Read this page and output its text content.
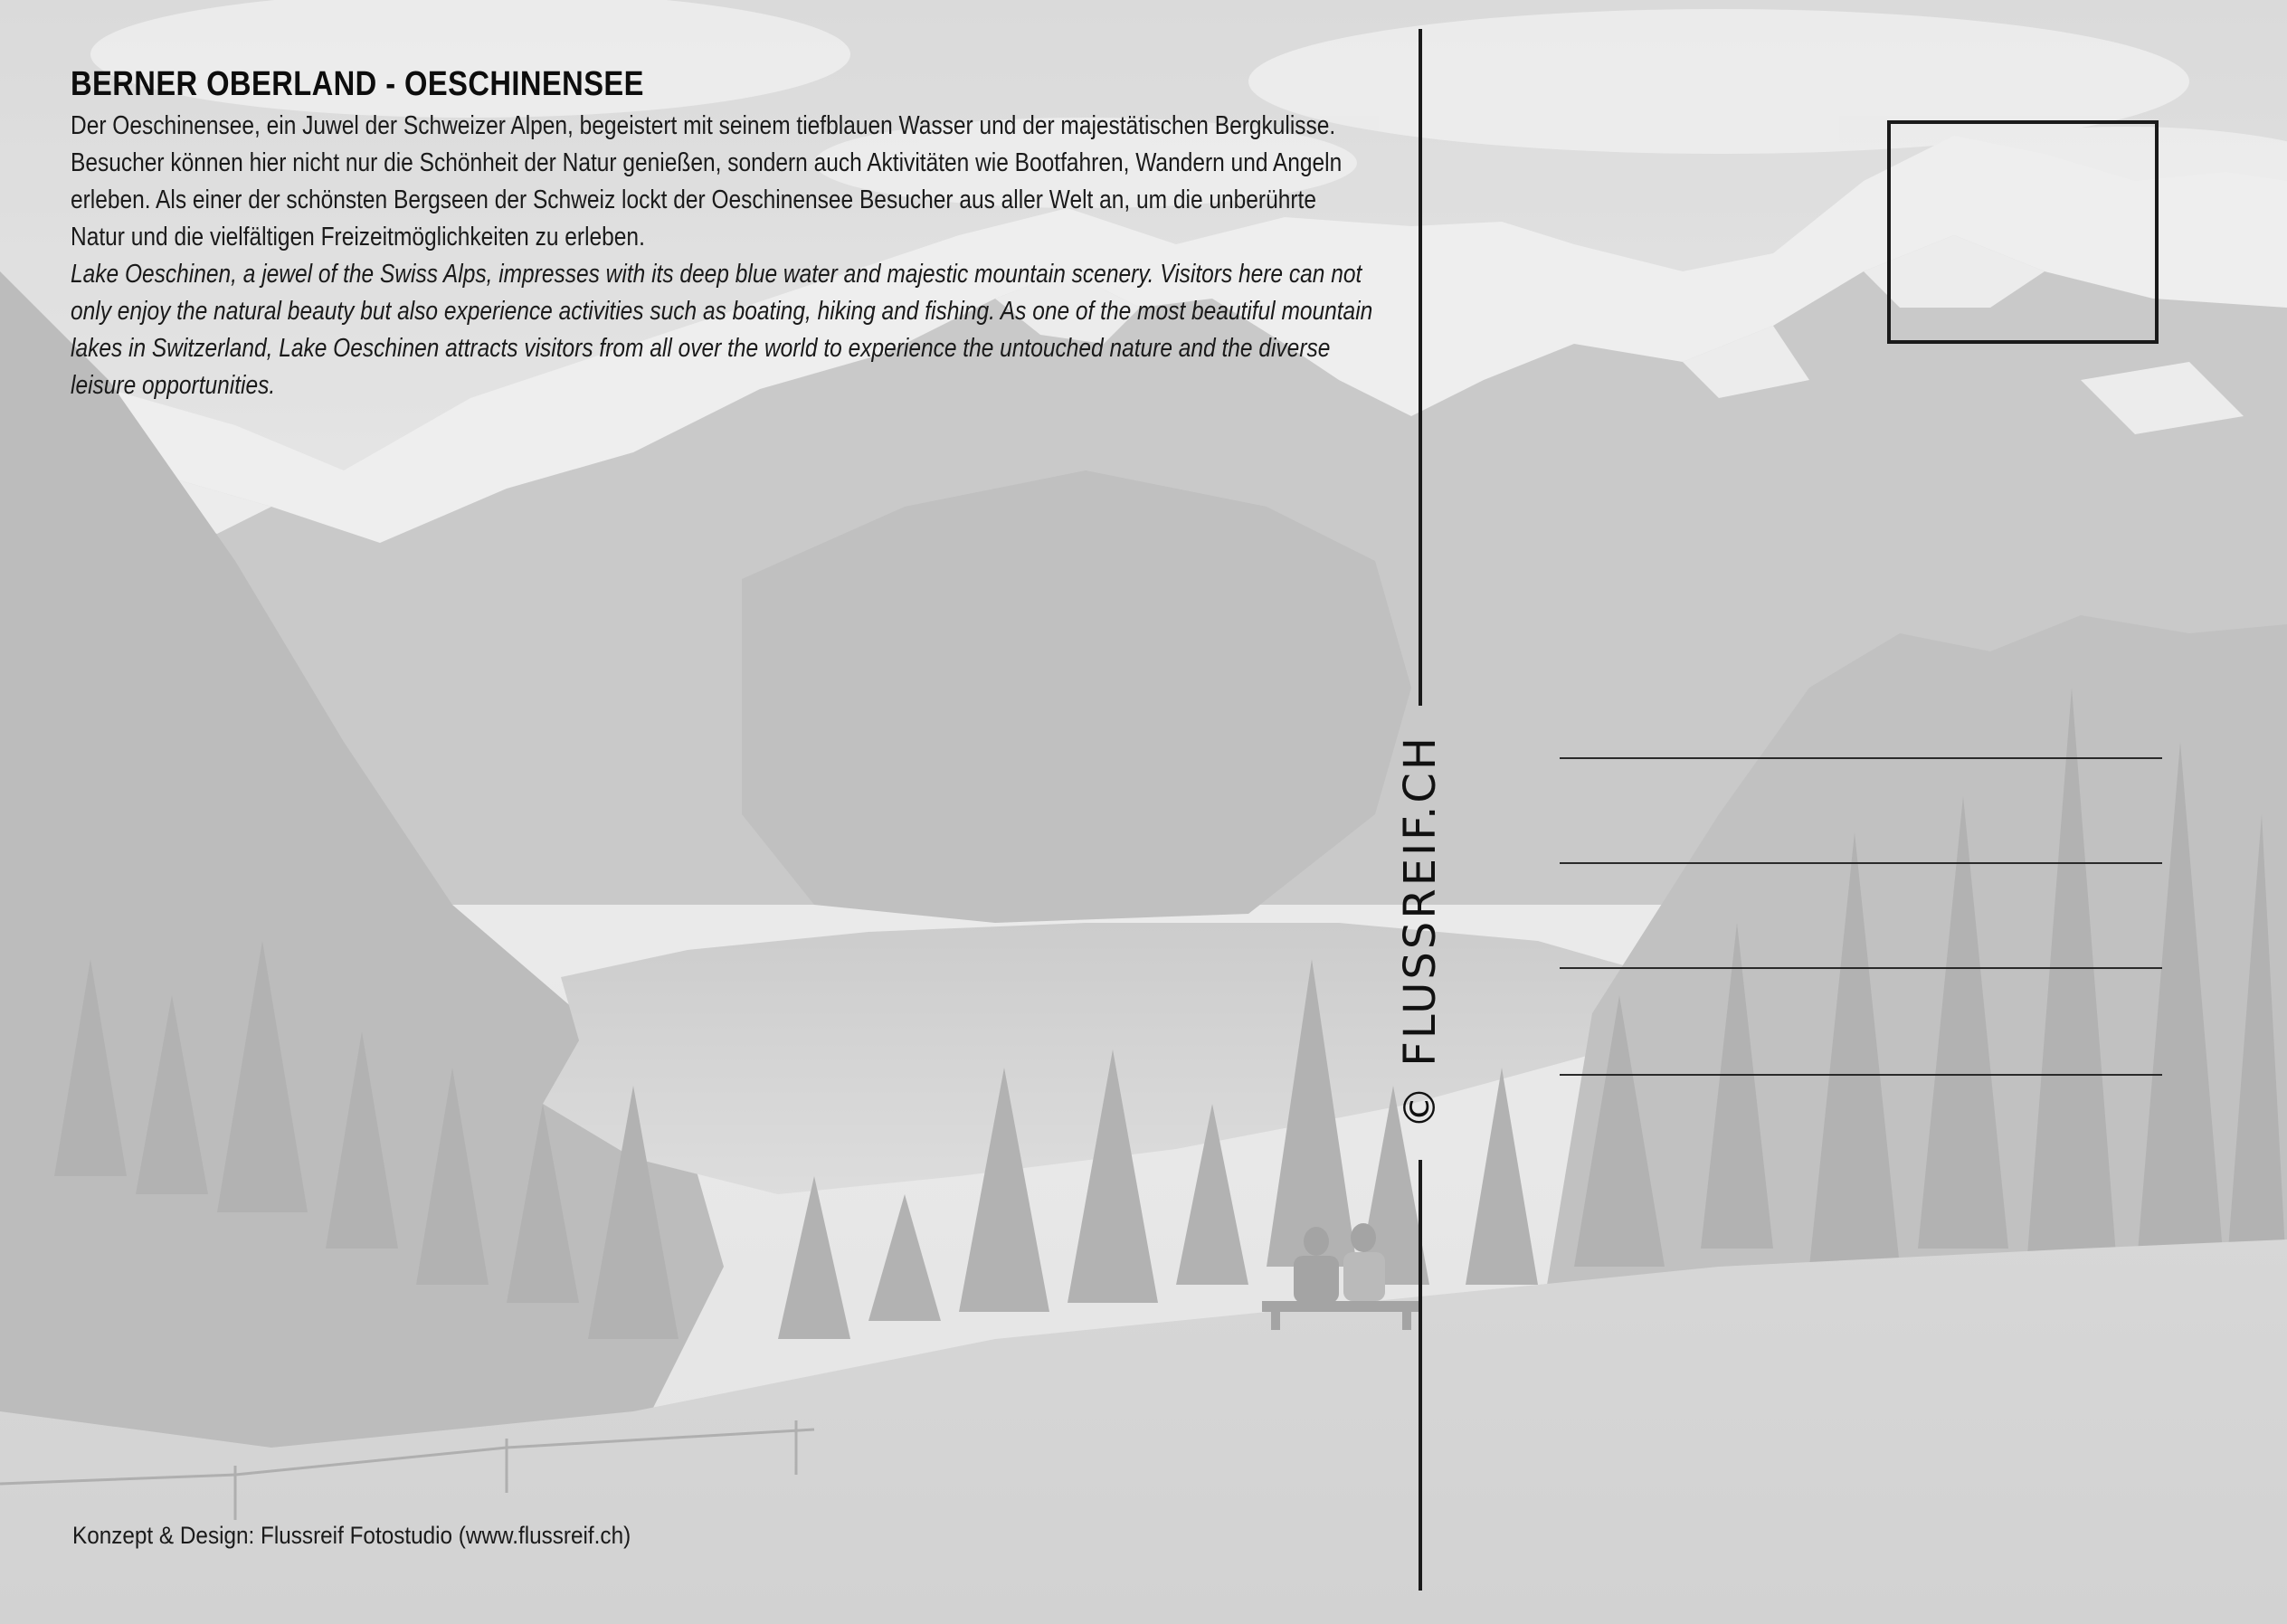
BERNER OBERLAND - OESCHINENSEE

Der Oeschinensee, ein Juwel der Schweizer Alpen, begeistert mit seinem tiefblauen Wasser und der majestätischen Bergkulisse. Besucher können hier nicht nur die Schönheit der Natur genießen, sondern auch Aktivitäten wie Bootfahren, Wandern und Angeln erleben. Als einer der schönsten Bergseen der Schweiz lockt der Oeschinensee Besucher aus aller Welt an, um die unberührte Natur und die vielfältigen Freizeitmöglichkeiten zu erleben.

Lake Oeschinen, a jewel of the Swiss Alps, impresses with its deep blue water and majestic mountain scenery. Visitors here can not only enjoy the natural beauty but also experience activities such as boating, hiking and fishing. As one of the most beautiful mountain lakes in Switzerland, Lake Oeschinen attracts visitors from all over the world to experience the untouched nature and the diverse leisure opportunities.

Konzept & Design: Flussreif Fotostudio (www.flussreif.ch)
© FLUSSREIF.CH
